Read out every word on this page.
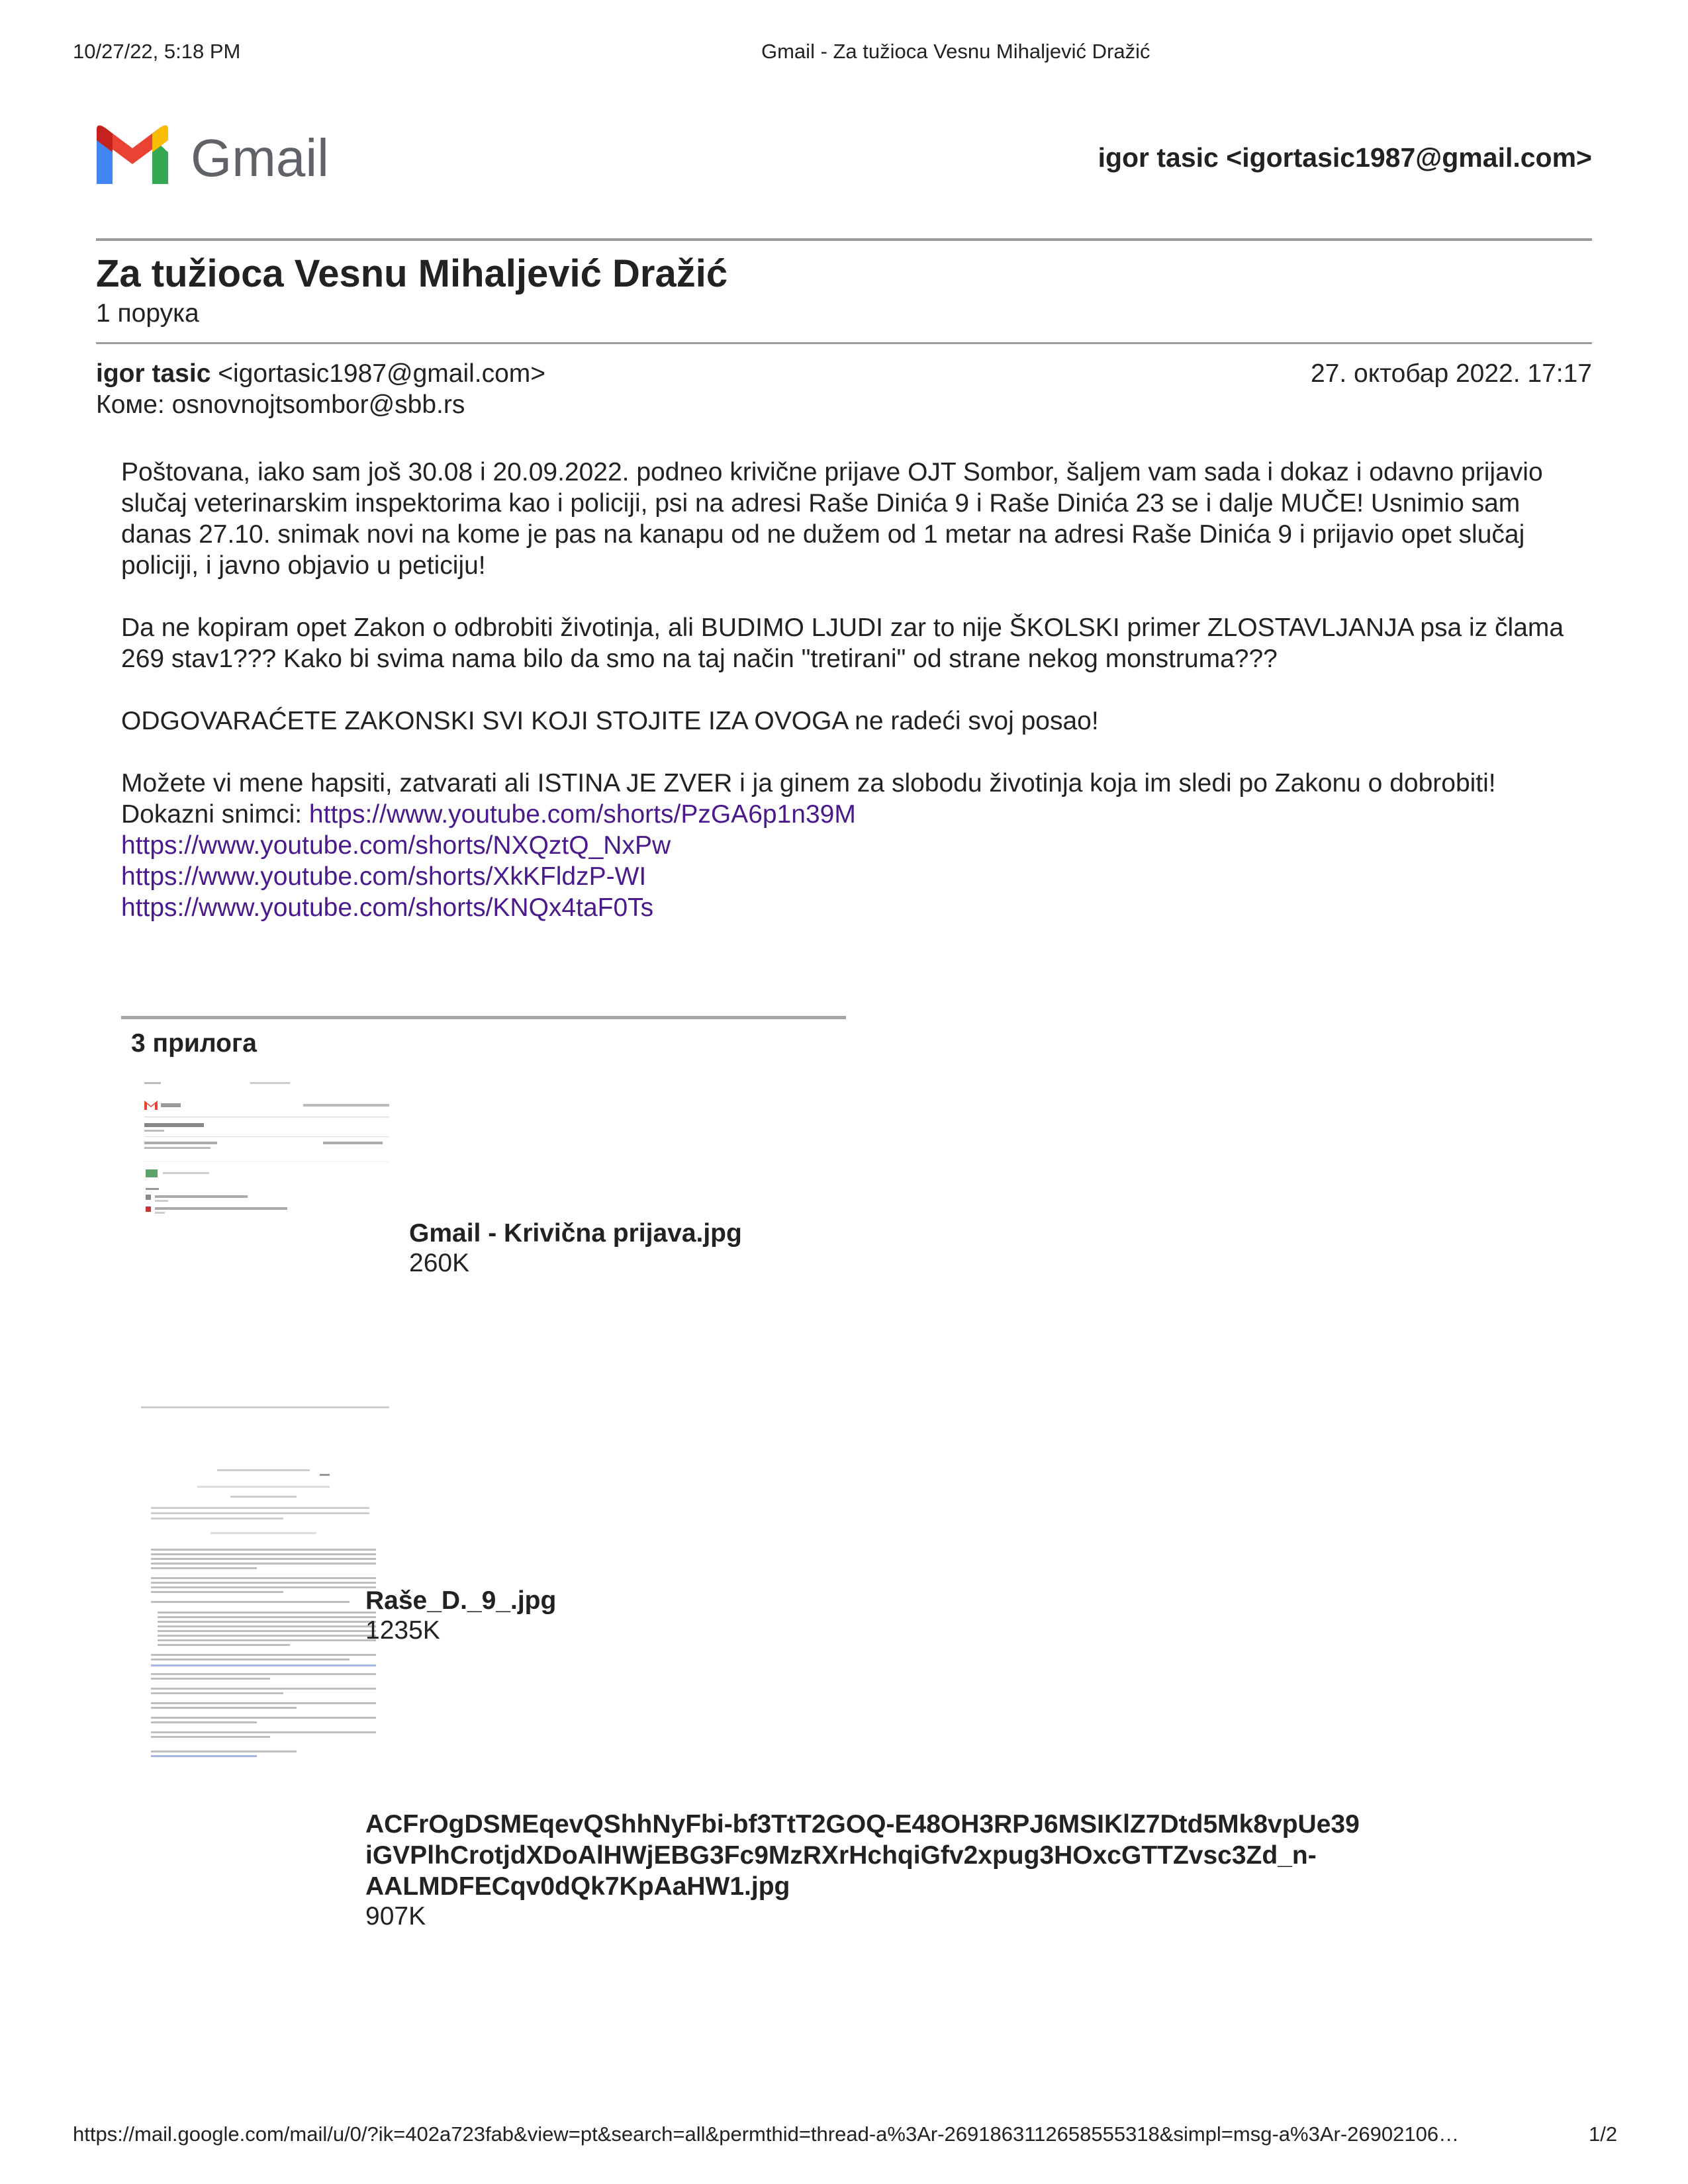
10/27/22, 5:18 PM	Gmail - Za tužioca Vesnu Mihaljević Dražić
Gmail	igor tasic <igortasic1987@gmail.com>
Za tužioca Vesnu Mihaljević Dražić
1 порука
igor tasic <igortasic1987@gmail.com>	27. октобар 2022. 17:17
Коме: osnovnojtsombor@sbb.rs

Poštovana, iako sam još 30.08 i 20.09.2022. podneo krivične prijave OJT Sombor, šaljem vam sada i dokaz i odavno prijavio slučaj veterinarskim inspektorima kao i policiji, psi na adresi Raše Dinića 9 i Raše Dinića 23 se i dalje MUČE! Usnimio sam danas 27.10. snimak novi na kome je pas na kanapu od ne dužem od 1 metar na adresi Raše Dinića 9 i prijavio opet slučaj policiji, i javno objavio u peticiju!

Da ne kopiram opet Zakon o odbrobiti životinja, ali BUDIMO LJUDI zar to nije ŠKOLSKI primer ZLOSTAVLJANJA psa iz člama 269 stav1??? Kako bi svima nama bilo da smo na taj način "tretirani" od strane nekog monstruma???

ODGOVARAĆETE ZAKONSKI SVI KOJI STOJITE IZA OVOGA ne radeći svoj posao!

Možete vi mene hapsiti, zatvarati ali ISTINA JE ZVER i ja ginem za slobodu životinja koja im sledi po Zakonu o dobrobiti!

Dokazni snimci: https://www.youtube.com/shorts/PzGA6p1n39M

https://www.youtube.com/shorts/NXQztQ_NxPw
https://www.youtube.com/shorts/XkKFldzP-WI
https://www.youtube.com/shorts/KNQx4taF0Ts
3 прилога
Gmail - Krivična prijava.jpg
260K
Raše_D._9_.jpg
1235K
ACFrOgDSMEqevQShhNyFbi-bf3TtT2GOQ-E48OH3RPJ6MSIKlZ7Dtd5Mk8vpUe39
iGVPlhCrotjdXDoAlHWjEBG3Fc9MzRXrHchqiGfv2xpug3HOxcGTTZvsc3Zd_n-
AALMDFECqv0dQk7KpAaHW1.jpg
907K
https://mail.google.com/mail/u/0/?ik=402a723fab&view=pt&search=all&permthid=thread-a%3Ar-2691863112658555318&simpl=msg-a%3Ar-26902106…	1/2
